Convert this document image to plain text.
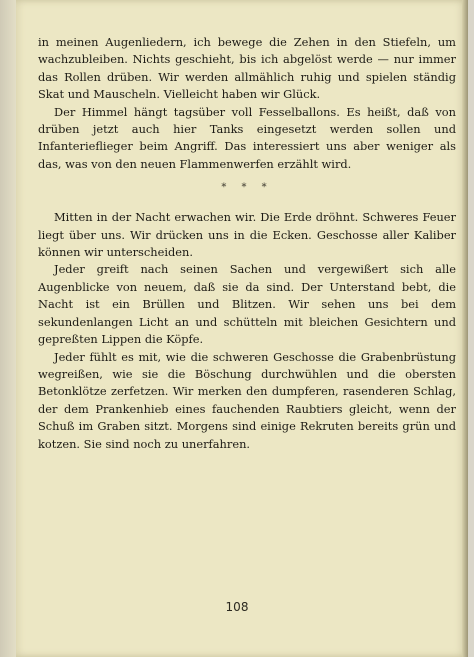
in meinen Augenliedern, ich bewege die Zehen in den Stiefeln, um wachzubleiben. Nichts geschieht, bis ich abgelöst werde — nur immer das Rollen drüben. Wir werden allmählich ruhig und spielen ständig Skat und Mauscheln. Vielleicht haben wir Glück.

Der Himmel hängt tagsüber voll Fesselballons. Es heißt, daß von drüben jetzt auch hier Tanks eingesetzt werden sollen und Infanterieflieger beim Angriff. Das interessiert uns aber weniger als das, was von den neuen Flammenwerfen erzählt wird.

* * *

Mitten in der Nacht erwachen wir. Die Erde dröhnt. Schweres Feuer liegt über uns. Wir drücken uns in die Ecken. Geschosse aller Kaliber können wir unterscheiden.

Jeder greift nach seinen Sachen und vergewißert sich alle Augenblicke von neuem, daß sie da sind. Der Unterstand bebt, die Nacht ist ein Brüllen und Blitzen. Wir sehen uns bei dem sekundenlangen Licht an und schütteln mit bleichen Gesichtern und gepreßten Lippen die Köpfe.

Jeder fühlt es mit, wie die schweren Geschosse die Grabenbrüstung wegreißen, wie sie die Böschung durchwühlen und die obersten Betonklötze zerfetzen. Wir merken den dumpferen, rasenderen Schlag, der dem Prankenhieb eines fauchenden Raubtiers gleicht, wenn der Schuß im Graben sitzt. Morgens sind einige Rekruten bereits grün und kotzen. Sie sind noch zu unerfahren.

108
